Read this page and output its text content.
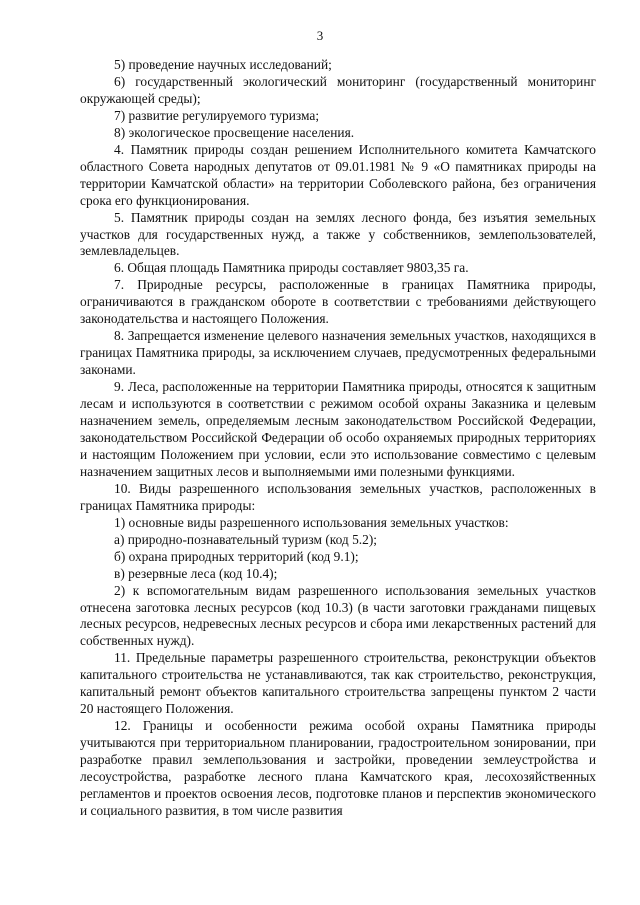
3

5) проведение научных исследований;

6) государственный экологический мониторинг (государственный мониторинг окружающей среды);

7) развитие регулируемого туризма;

8) экологическое просвещение населения.

4. Памятник природы создан решением Исполнительного комитета Камчатского областного Совета народных депутатов от 09.01.1981 № 9 «О памятниках природы на территории Камчатской области» на территории Соболевского района, без ограничения срока его функционирования.

5. Памятник природы создан на землях лесного фонда, без изъятия земельных участков для государственных нужд, а также у собственников, землепользователей, землевладельцев.

6. Общая площадь Памятника природы составляет 9803,35 га.

7. Природные ресурсы, расположенные в границах Памятника природы, ограничиваются в гражданском обороте в соответствии с требованиями действующего законодательства и настоящего Положения.

8. Запрещается изменение целевого назначения земельных участков, находящихся в границах Памятника природы, за исключением случаев, предусмотренных федеральными законами.

9. Леса, расположенные на территории Памятника природы, относятся к защитным лесам и используются в соответствии с режимом особой охраны Заказника и целевым назначением земель, определяемым лесным законодательством Российской Федерации, законодательством Российской Федерации об особо охраняемых природных территориях и настоящим Положением при условии, если это использование совместимо с целевым назначением защитных лесов и выполняемыми ими полезными функциями.

10. Виды разрешенного использования земельных участков, расположенных в границах Памятника природы:

1) основные виды разрешенного использования земельных участков:

а) природно-познавательный туризм (код 5.2);

б) охрана природных территорий (код 9.1);

в) резервные леса (код 10.4);

2) к вспомогательным видам разрешенного использования земельных участков отнесена заготовка лесных ресурсов (код 10.3) (в части заготовки гражданами пищевых лесных ресурсов, недревесных лесных ресурсов и сбора ими лекарственных растений для собственных нужд).

11. Предельные параметры разрешенного строительства, реконструкции объектов капитального строительства не устанавливаются, так как строительство, реконструкция, капитальный ремонт объектов капитального строительства запрещены пунктом 2 части 20 настоящего Положения.

12. Границы и особенности режима особой охраны Памятника природы учитываются при территориальном планировании, градостроительном зонировании, при разработке правил землепользования и застройки, проведении землеустройства и лесоустройства, разработке лесного плана Камчатского края, лесохозяйственных регламентов и проектов освоения лесов, подготовке планов и перспектив экономического и социального развития, в том числе развития
